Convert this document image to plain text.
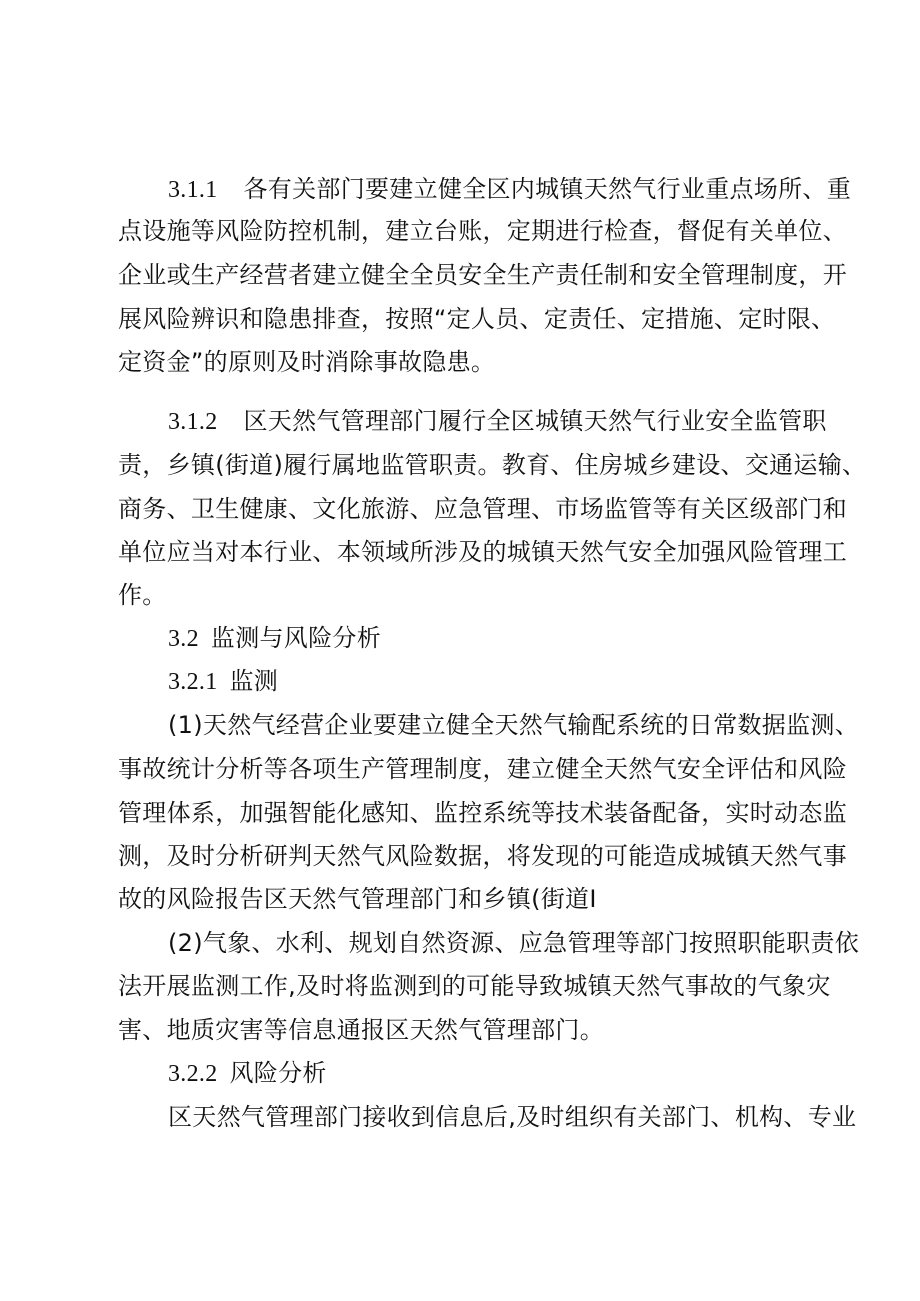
3.1.1 各有关部门要建立健全区内城镇天然气行业重点场所、重
点设施等风险防控机制，建立台账，定期进行检查，督促有关单位、
企业或生产经营者建立健全全员安全生产责任制和安全管理制度，开
展风险辨识和隐患排查，按照“定人员、定责任、定措施、定时限、
定资金”的原则及时消除事故隐患。
3.1.2 区天然气管理部门履行全区城镇天然气行业安全监管职
责，乡镇(街道)履行属地监管职责。教育、住房城乡建设、交通运输、
商务、卫生健康、文化旅游、应急管理、市场监管等有关区级部门和
单位应当对本行业、本领域所涉及的城镇天然气安全加强风险管理工
作。
3.2 监测与风险分析
3.2.1 监测
(1)天然气经营企业要建立健全天然气输配系统的日常数据监测、
事故统计分析等各项生产管理制度，建立健全天然气安全评估和风险
管理体系，加强智能化感知、监控系统等技术装备配备，实时动态监
测，及时分析研判天然气风险数据，将发现的可能造成城镇天然气事
故的风险报告区天然气管理部门和乡镇(街道I
(2)气象、水利、规划自然资源、应急管理等部门按照职能职责依
法开展监测工作,及时将监测到的可能导致城镇天然气事故的气象灾
害、地质灾害等信息通报区天然气管理部门。
3.2.2 风险分析
区天然气管理部门接收到信息后,及时组织有关部门、机构、专业
